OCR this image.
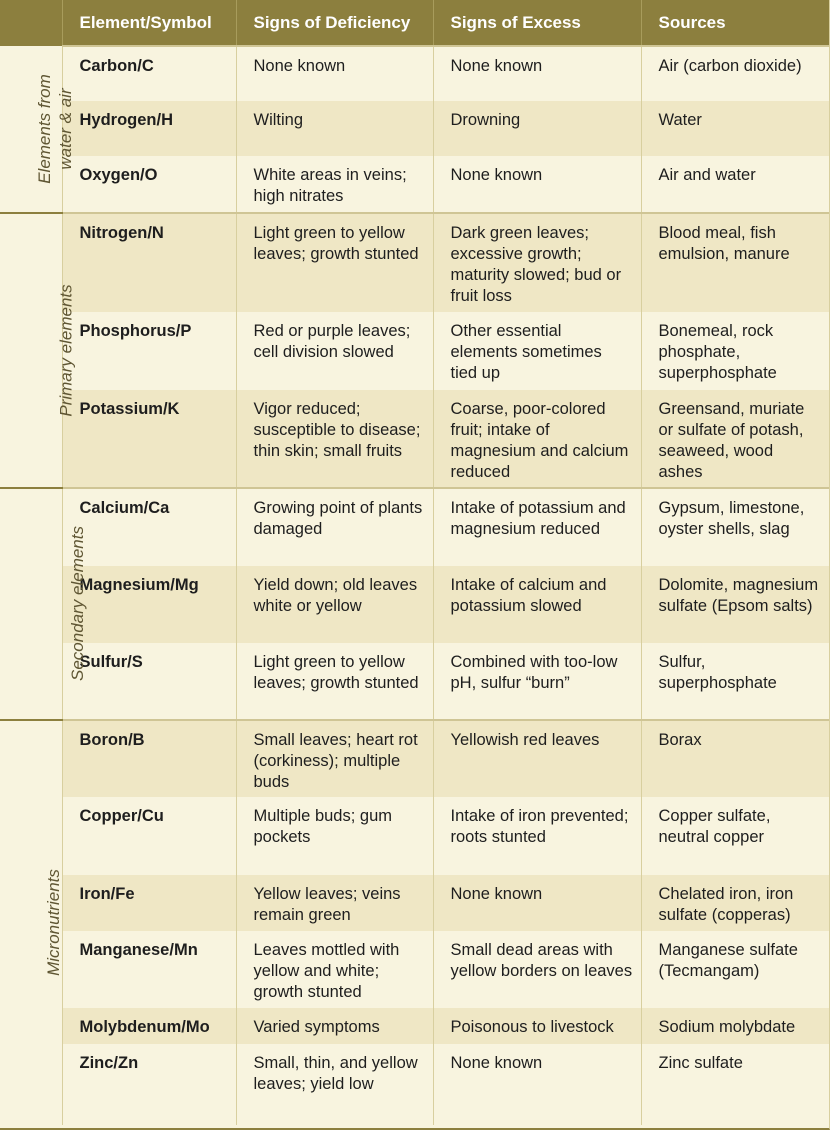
	Element/Symbol	Signs of Deficiency	Signs of Excess	Sources
Elements from water & air	Carbon/C	None known	None known	Air (carbon dioxide)
	Hydrogen/H	Wilting	Drowning	Water
	Oxygen/O	White areas in veins; high nitrates	None known	Air and water
Primary elements	Nitrogen/N	Light green to yellow leaves; growth stunted	Dark green leaves; excessive growth; maturity slowed; bud or fruit loss	Blood meal, fish emulsion, manure
	Phosphorus/P	Red or purple leaves; cell division slowed	Other essential elements sometimes tied up	Bonemeal, rock phosphate, superphosphate
	Potassium/K	Vigor reduced; susceptible to disease; thin skin; small fruits	Coarse, poor-colored fruit; intake of magnesium and calcium reduced	Greensand, muriate or sulfate of potash, seaweed, wood ashes
Secondary elements	Calcium/Ca	Growing point of plants damaged	Intake of potassium and magnesium reduced	Gypsum, limestone, oyster shells, slag
	Magnesium/Mg	Yield down; old leaves white or yellow	Intake of calcium and potassium slowed	Dolomite, magnesium sulfate (Epsom salts)
	Sulfur/S	Light green to yellow leaves; growth stunted	Combined with too-low pH, sulfur “burn”	Sulfur, superphosphate
Micronutrients	Boron/B	Small leaves; heart rot (corkiness); multiple buds	Yellowish red leaves	Borax
	Copper/Cu	Multiple buds; gum pockets	Intake of iron prevented; roots stunted	Copper sulfate, neutral copper
	Iron/Fe	Yellow leaves; veins remain green	None known	Chelated iron, iron sulfate (copperas)
	Manganese/Mn	Leaves mottled with yellow and white; growth stunted	Small dead areas with yellow borders on leaves	Manganese sulfate (Tecmangam)
	Molybdenum/Mo	Varied symptoms	Poisonous to livestock	Sodium molybdate
	Zinc/Zn	Small, thin, and yellow leaves; yield low	None known	Zinc sulfate
